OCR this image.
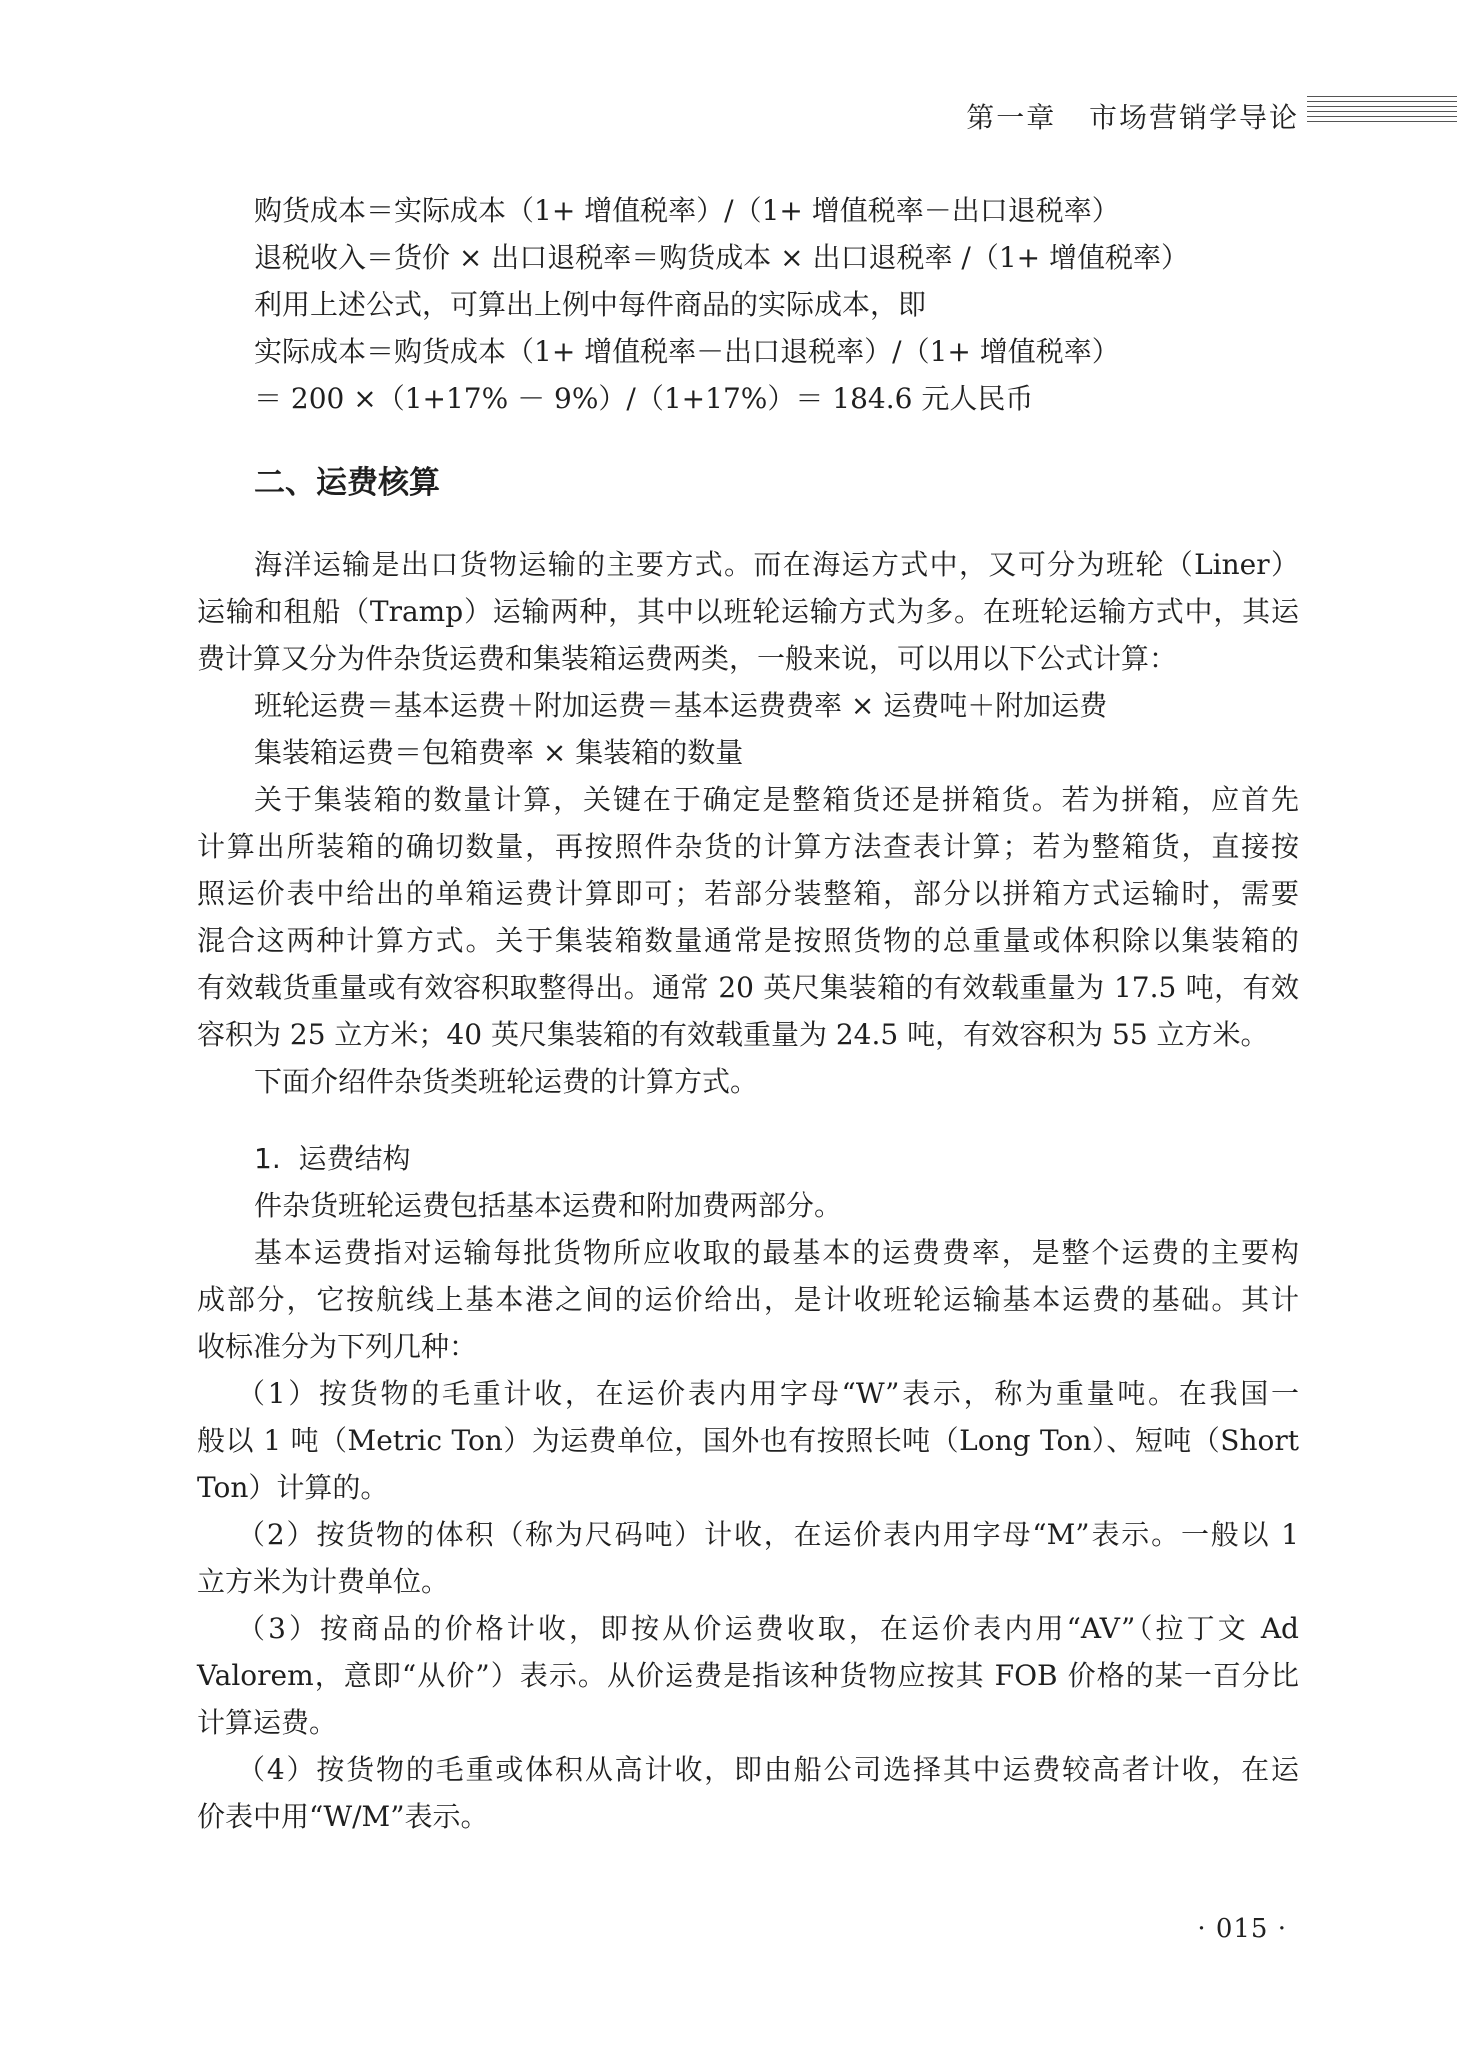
第一章 市场营销学导论
购货成本＝实际成本（1+ 增值税率）/（1+ 增值税率－出口退税率）
退税收入＝货价 × 出口退税率＝购货成本 × 出口退税率 /（1+ 增值税率）
利用上述公式，可算出上例中每件商品的实际成本，即
实际成本＝购货成本（1+ 增值税率－出口退税率）/（1+ 增值税率）
＝ 200 ×（1+17% － 9%）/（1+17%）＝ 184.6 元人民币
二、运费核算
海洋运输是出口货物运输的主要方式。而在海运方式中，又可分为班轮（Liner）
运输和租船（Tramp）运输两种，其中以班轮运输方式为多。在班轮运输方式中，其运
费计算又分为件杂货运费和集装箱运费两类，一般来说，可以用以下公式计算：
班轮运费＝基本运费＋附加运费＝基本运费费率 × 运费吨＋附加运费
集装箱运费＝包箱费率 × 集装箱的数量
关于集装箱的数量计算，关键在于确定是整箱货还是拼箱货。若为拼箱，应首先
计算出所装箱的确切数量，再按照件杂货的计算方法查表计算；若为整箱货，直接按
照运价表中给出的单箱运费计算即可；若部分装整箱，部分以拼箱方式运输时，需要
混合这两种计算方式。关于集装箱数量通常是按照货物的总重量或体积除以集装箱的
有效载货重量或有效容积取整得出。通常 20 英尺集装箱的有效载重量为 17.5 吨，有效
容积为 25 立方米；40 英尺集装箱的有效载重量为 24.5 吨，有效容积为 55 立方米。
下面介绍件杂货类班轮运费的计算方式。
1. 运费结构
件杂货班轮运费包括基本运费和附加费两部分。
基本运费指对运输每批货物所应收取的最基本的运费费率，是整个运费的主要构
成部分，它按航线上基本港之间的运价给出，是计收班轮运输基本运费的基础。其计
收标准分为下列几种：
（1）按货物的毛重计收，在运价表内用字母“W”表示，称为重量吨。在我国一
般以 1 吨（Metric Ton）为运费单位，国外也有按照长吨（Long Ton）、短吨（Short
Ton）计算的。
（2）按货物的体积（称为尺码吨）计收，在运价表内用字母“M”表示。一般以 1
立方米为计费单位。
（3）按商品的价格计收，即按从价运费收取，在运价表内用“AV”（拉丁文 Ad
Valorem，意即“从价”）表示。从价运费是指该种货物应按其 FOB 价格的某一百分比
计算运费。
（4）按货物的毛重或体积从高计收，即由船公司选择其中运费较高者计收，在运
价表中用“W/M”表示。
· 015 ·
